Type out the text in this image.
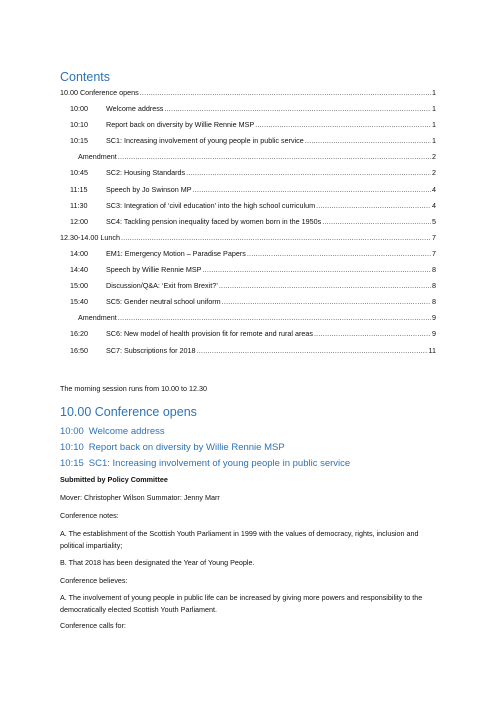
Contents
10.00 Conference opens .....	1
10:00	Welcome address .....	1
10:10	Report back on diversity by Willie Rennie MSP .....	1
10:15	SC1: Increasing involvement of young people in public service .....	1
Amendment .....	2
10:45	SC2: Housing Standards .....	2
11:15	Speech by Jo Swinson MP .....	4
11:30	SC3: Integration of ‘civil education’ into the high school curriculum .....	4
12:00	SC4: Tackling pension inequality faced by women born in the 1950s .....	5
12.30-14.00 Lunch .....	7
14:00	EM1: Emergency Motion – Paradise Papers .....	7
14:40	Speech by Willie Rennie MSP .....	8
15:00	Discussion/Q&A: ‘Exit from Brexit?’ .....	8
15:40	SC5: Gender neutral school uniform .....	8
Amendment .....	9
16:20	SC6: New model of health provision fit for remote and rural areas .....	9
16:50	SC7: Subscriptions for 2018 .....	11

The morning session runs from 10.00 to 12.30

10.00 Conference opens
10:00 Welcome address
10:10 Report back on diversity by Willie Rennie MSP
10:15 SC1: Increasing involvement of young people in public service

Submitted by Policy Committee

Mover: Christopher Wilson Summator: Jenny Marr

Conference notes:

A. The establishment of the Scottish Youth Parliament in 1999 with the values of democracy, rights, inclusion and political impartiality;

B. That 2018 has been designated the Year of Young People.

Conference believes:

A. The involvement of young people in public life can be increased by giving more powers and responsibility to the democratically elected Scottish Youth Parliament.

Conference calls for:
